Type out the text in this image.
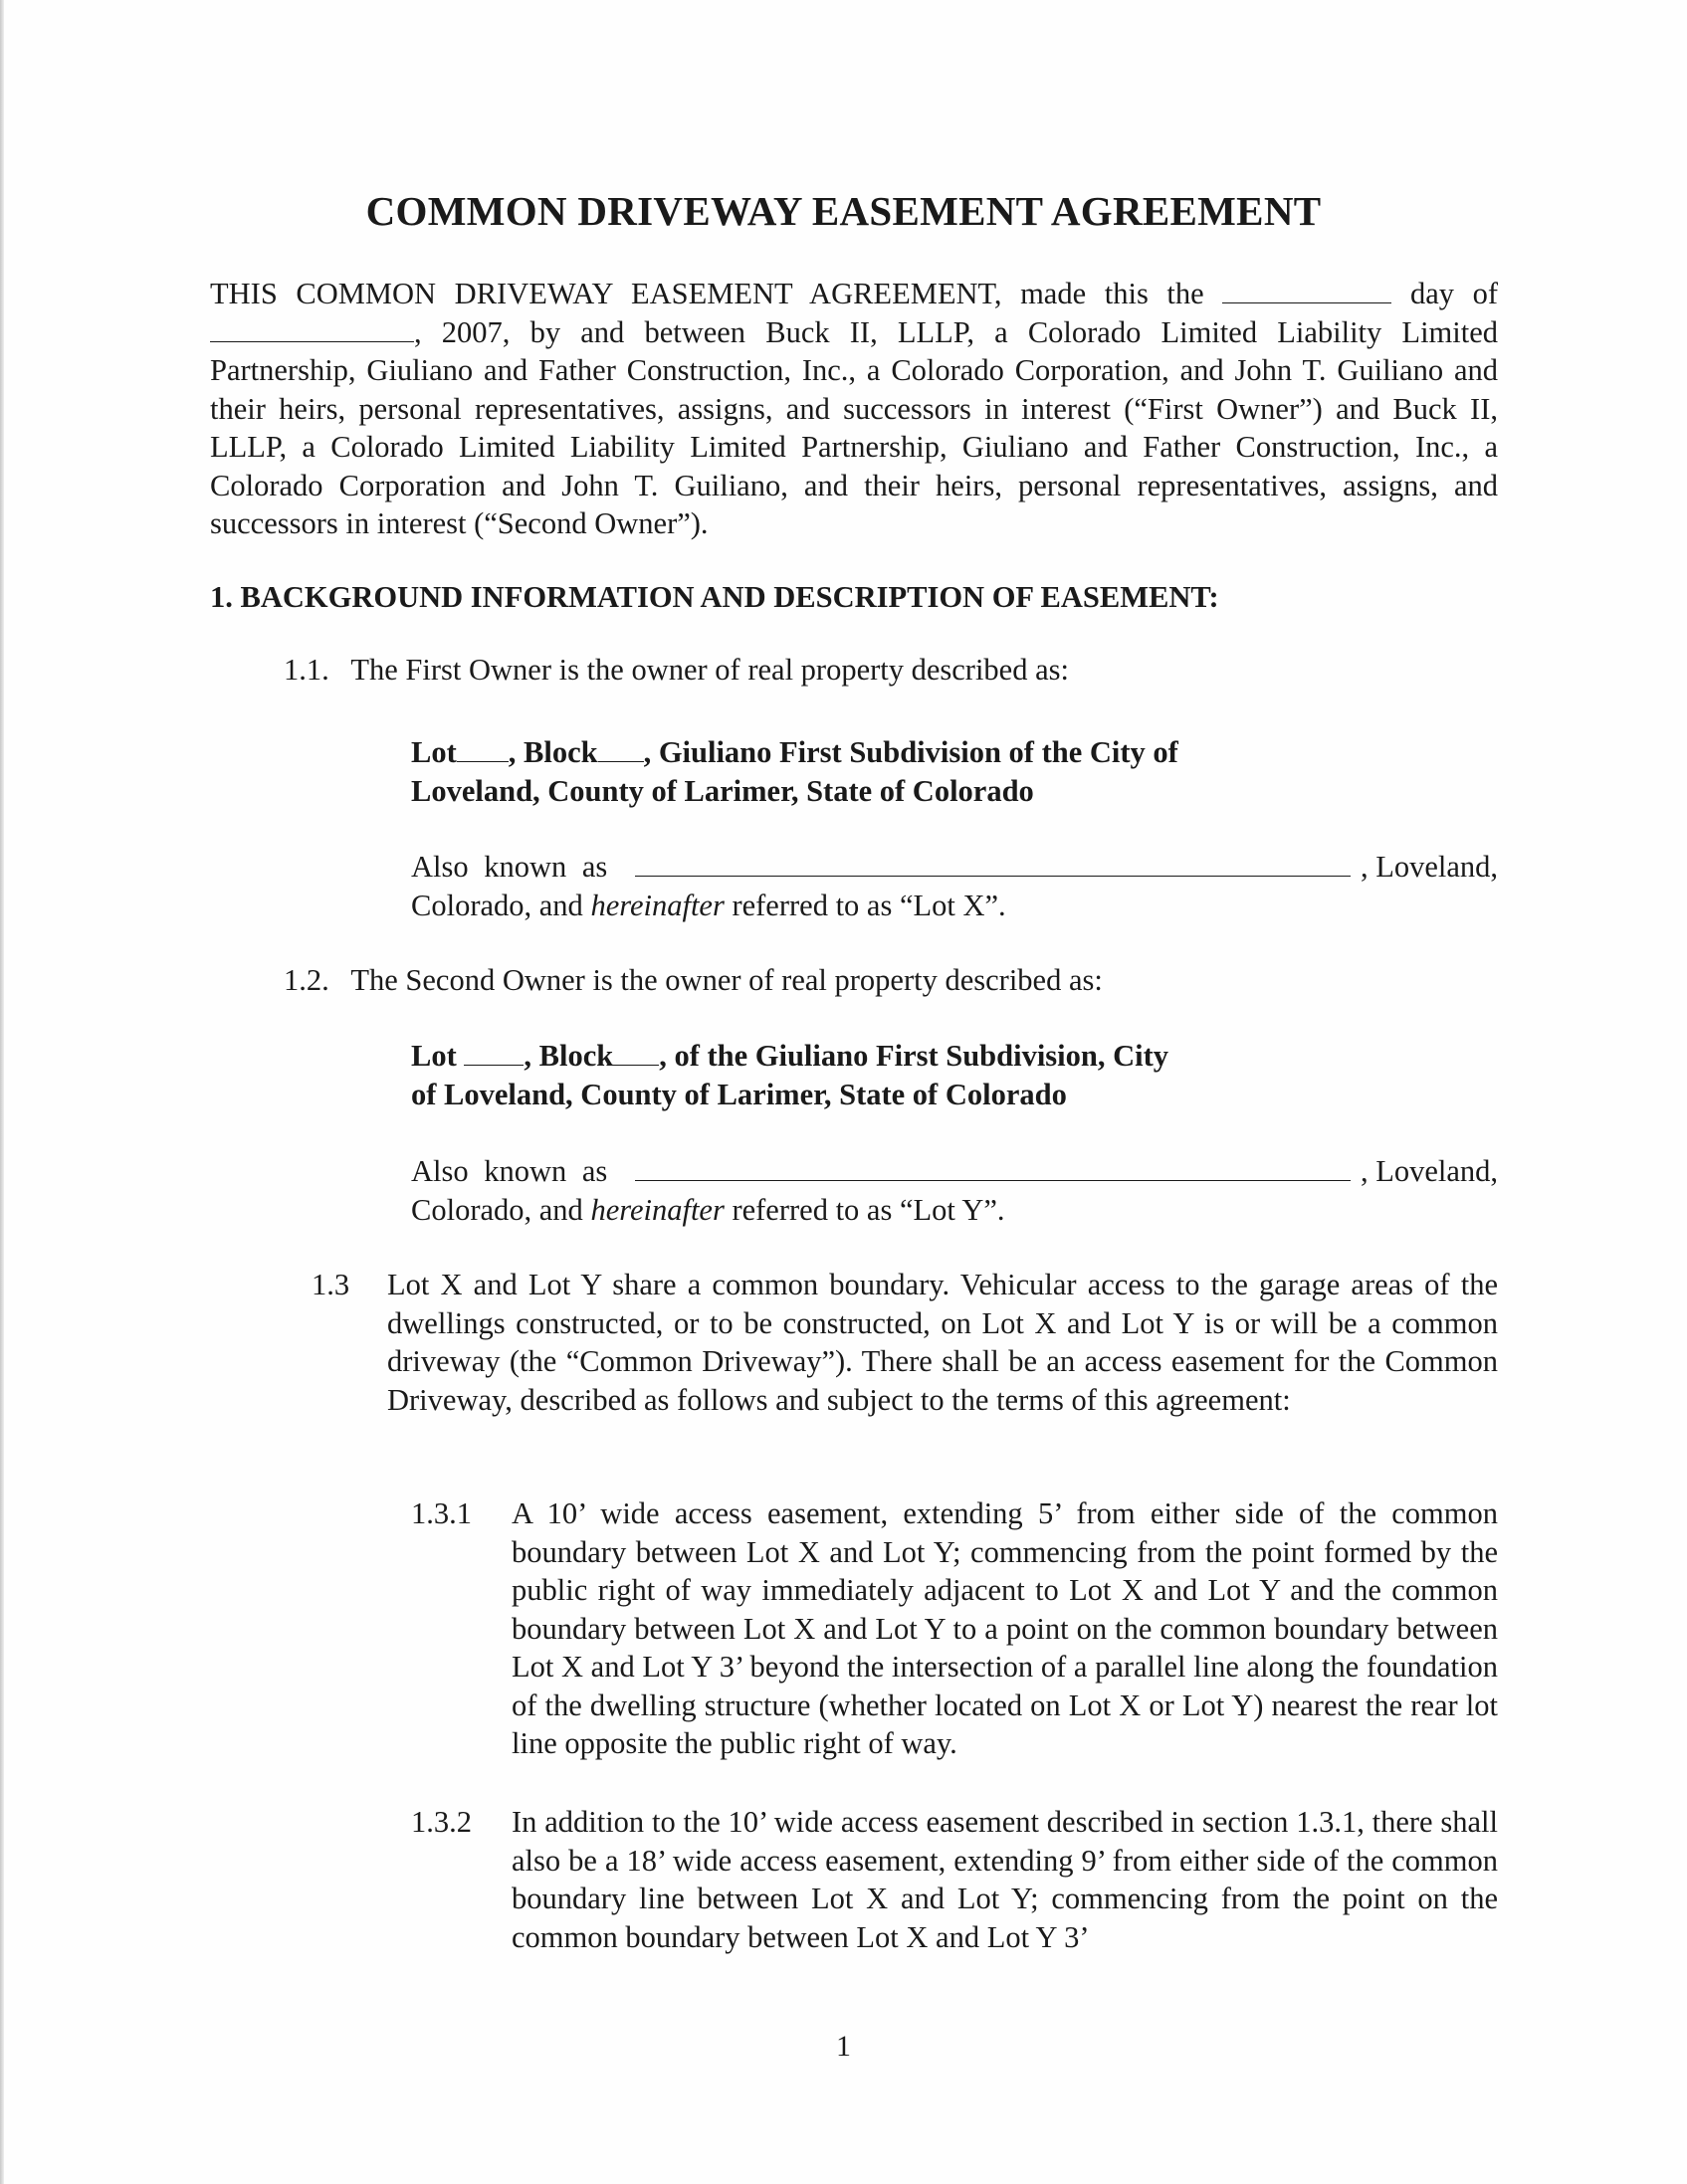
COMMON DRIVEWAY EASEMENT AGREEMENT

THIS COMMON DRIVEWAY EASEMENT AGREEMENT, made this the	day of , 2007, by and between Buck II, LLLP, a Colorado Limited Liability Limited Partnership, Giuliano and Father Construction, Inc., a Colorado Corporation, and John T. Guiliano and their heirs, personal representatives, assigns, and successors in interest (“First Owner”) and Buck II, LLLP, a Colorado Limited Liability Limited Partnership, Giuliano and Father Construction, Inc., a Colorado Corporation and John T. Guiliano, and their heirs, personal representatives, assigns, and successors in interest (“Second Owner”).

1. BACKGROUND INFORMATION AND DESCRIPTION OF EASEMENT:
1.1. The First Owner is the owner of real property described as:

Lot , Block , Giuliano First Subdivision of the City of
Loveland, County of Larimer, State of Colorado

Also known as	, Loveland,
Colorado, and hereinafter referred to as “Lot X”.
1.2. The Second Owner is the owner of real property described as:

Lot , Block , of the Giuliano First Subdivision, City
of Loveland, County of Larimer, State of Colorado

Also known as	, Loveland,
Colorado, and hereinafter referred to as “Lot Y”.
1.3 Lot X and Lot Y share a common boundary. Vehicular access to the garage areas of the dwellings constructed, or to be constructed, on Lot X and Lot Y is or will be a common driveway (the “Common Driveway”). There shall be an access easement for the Common Driveway, described as follows and subject to the terms of this agreement:

1.3.1 A 10’ wide access easement, extending 5’ from either side of the common boundary between Lot X and Lot Y; commencing from the point formed by the public right of way immediately adjacent to Lot X and Lot Y and the common boundary between Lot X and Lot Y to a point on the common boundary between Lot X and Lot Y 3’ beyond the intersection of a parallel line along the foundation of the dwelling structure (whether located on Lot X or Lot Y) nearest the rear lot line opposite the public right of way.

1.3.2 In addition to the 10’ wide access easement described in section 1.3.1, there shall also be a 18’ wide access easement, extending 9’ from either side of the common boundary line between Lot X and Lot Y; commencing from the point on the common boundary between Lot X and Lot Y 3’

1
